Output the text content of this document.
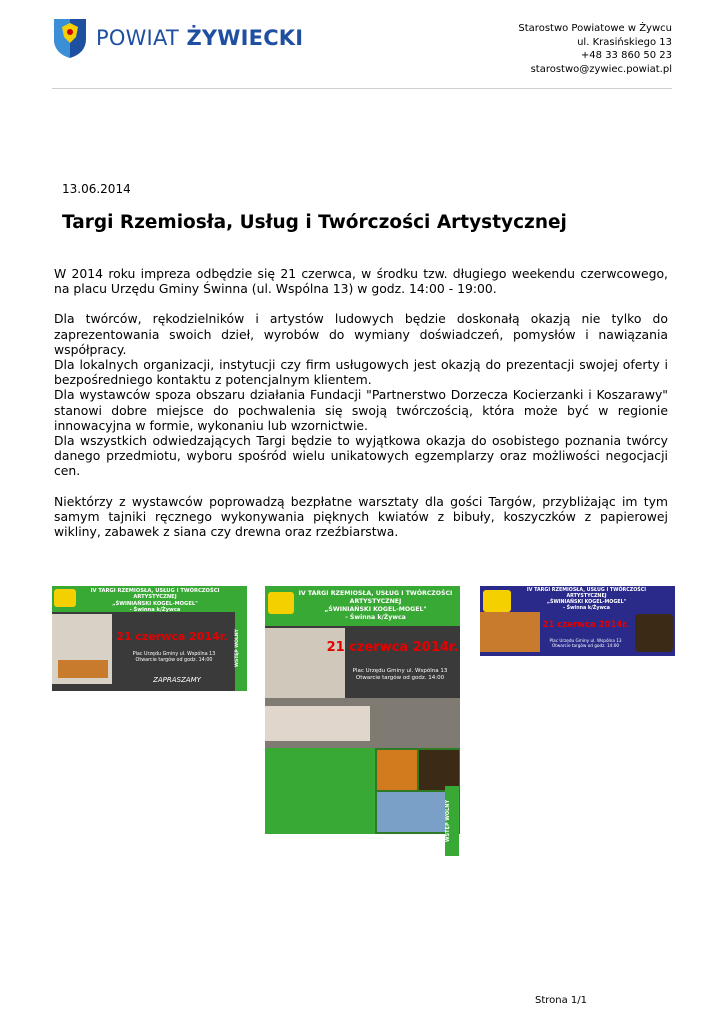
POWIAT ŻYWIECKI	Starostwo Powiatowe w Żywcu
ul. Krasińskiego 13
+48 33 860 50 23
starostwo@zywiec.powiat.pl
13.06.2014
Targi Rzemiosła, Usług i Twórczości Artystycznej

W 2014 roku impreza odbędzie się 21 czerwca, w środku tzw. długiego weekendu czerwcowego, na placu Urzędu Gminy Świnna (ul. Wspólna 13) w godz. 14:00 - 19:00.

Dla twórców, rękodzielników i artystów ludowych będzie doskonałą okazją nie tylko do zaprezentowania swoich dzieł, wyrobów do wymiany doświadczeń, pomysłów i nawiązania współpracy.

Dla lokalnych organizacji, instytucji czy firm usługowych jest okazją do prezentacji swojej oferty i bezpośredniego kontaktu z potencjalnym klientem.

Dla wystawców spoza obszaru działania Fundacji "Partnerstwo Dorzecza Kocierzanki i Koszarawy" stanowi dobre miejsce do pochwalenia się swoją twórczością, która może być w regionie innowacyjna w formie, wykonaniu lub wzornictwie.

Dla wszystkich odwiedzających Targi będzie to wyjątkowa okazja do osobistego poznania twórcy danego przedmiotu, wyboru spośród wielu unikatowych egzemplarzy oraz możliwości negocjacji cen.

Niektórzy z wystawców poprowadzą bezpłatne warsztaty dla gości Targów, przybliżając im tym samym tajniki ręcznego wykonywania pięknych kwiatów z bibuły, koszyczków z papierowej wikliny, zabawek z siana czy drewna oraz rzeźbiarstwa.

IV TARGI RZEMIOSŁA, USŁUG I TWÓRCZOŚCI ARTYSTYCZNEJ
„ŚWINIAŃSKI KOGEL-MOGEL"
- Świnna k/Żywca
WSTĘP WOLNY
21 czerwca 2014r.
Plac Urzędu Gminy ul. Wspólna 13
Otwarcie targów od godz. 14:00
ZAPRASZAMY
IV TARGI RZEMIOSŁA, USŁUG I TWÓRCZOŚCI ARTYSTYCZNEJ
„ŚWINIAŃSKI KOGEL-MOGEL"
- Świnna k/Żywca
21 czerwca 2014r.
Plac Urzędu Gminy ul. Wspólna 13
Otwarcie targów od godz. 14:00
WSTĘP WOLNY
IV TARGI RZEMIOSŁA, USŁUG I TWÓRCZOŚCI ARTYSTYCZNEJ
„ŚWINIAŃSKI KOGEL-MOGEL"
- Świnna k/Żywca
21 czerwca 2014r.
Plac Urzędu Gminy ul. Wspólna 13
Otwarcie targów od godz. 14:00
Strona 1/1
